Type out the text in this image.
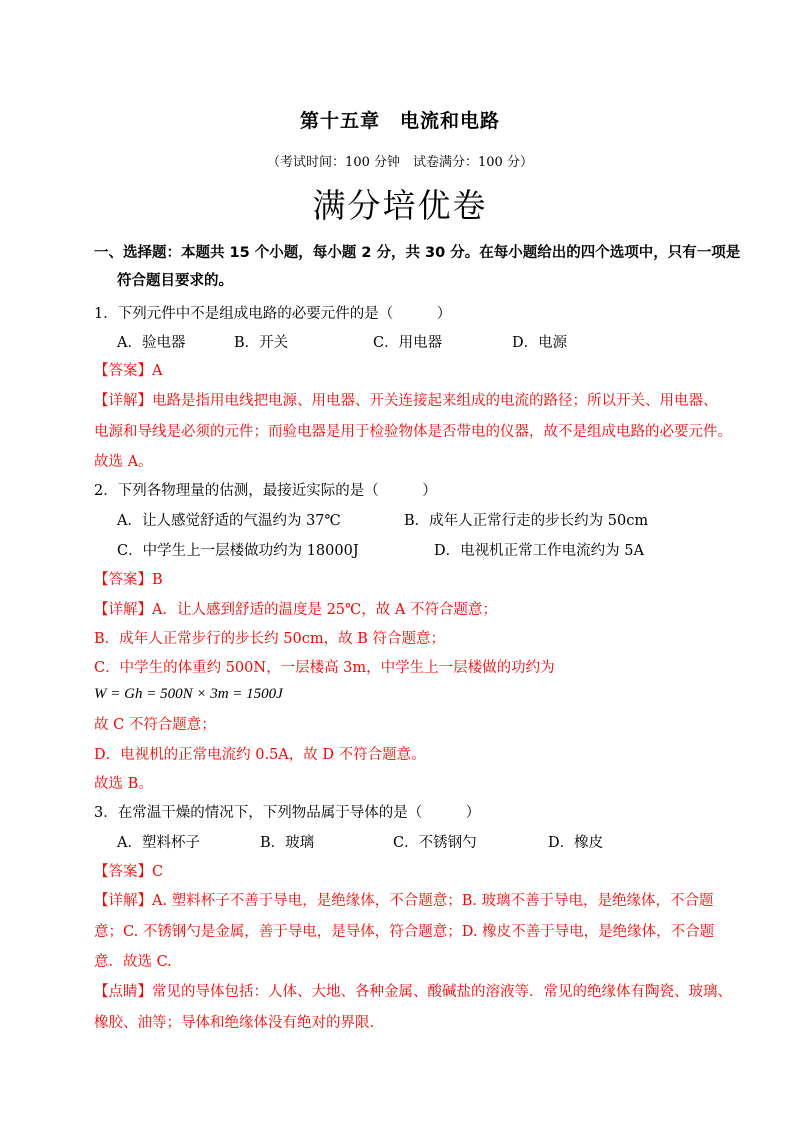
第十五章　电流和电路
（考试时间：100 分钟　试卷满分：100 分）
满分培优卷
一、选择题：本题共 15 个小题，每小题 2 分，共 30 分。在每小题给出的四个选项中，只有一项是
符合题目要求的。
1．下列元件中不是组成电路的必要元件的是（　　　）
A．验电器	B．开关	C．用电器	D．电源
【答案】A
【详解】电路是指用电线把电源、用电器、开关连接起来组成的电流的路径；所以开关、用电器、
电源和导线是必须的元件；而验电器是用于检验物体是否带电的仪器，故不是组成电路的必要元件。
故选 A。
2．下列各物理量的估测，最接近实际的是（　　　）
A．让人感觉舒适的气温约为 37℃	B．成年人正常行走的步长约为 50cm
C．中学生上一层楼做功约为 18000J	D．电视机正常工作电流约为 5A
【答案】B
【详解】A．让人感到舒适的温度是 25℃，故 A 不符合题意；
B．成年人正常步行的步长约 50cm，故 B 符合题意；
C．中学生的体重约 500N，一层楼高 3m，中学生上一层楼做的功约为
W = Gh = 500N × 3m = 1500J
故 C 不符合题意；
D．电视机的正常电流约 0.5A，故 D 不符合题意。
故选 B。
3．在常温干燥的情况下，下列物品属于导体的是（　　　）
A．塑料杯子	B．玻璃	C．不锈钢勺	D．橡皮
【答案】C
【详解】A. 塑料杯子不善于导电，是绝缘体，不合题意；B. 玻璃不善于导电，是绝缘体，不合题
意；C. 不锈钢勺是金属，善于导电，是导体，符合题意；D. 橡皮不善于导电，是绝缘体，不合题
意．故选 C.
【点睛】常见的导体包括：人体、大地、各种金属、酸碱盐的溶液等．常见的绝缘体有陶瓷、玻璃、
橡胶、油等；导体和绝缘体没有绝对的界限.
